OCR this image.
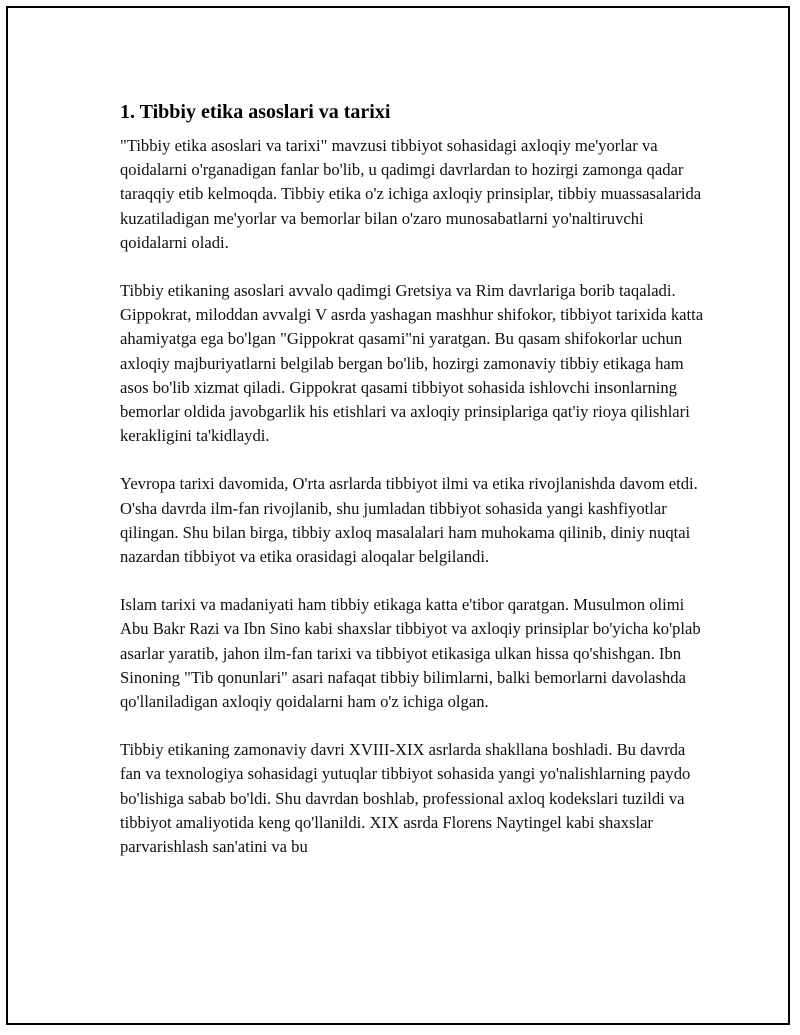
1. Tibbiy etika asoslari va tarixi

"Tibbiy etika asoslari va tarixi" mavzusi tibbiyot sohasidagi axloqiy me'yorlar va qoidalarni o'rganadigan fanlar bo'lib, u qadimgi davrlardan to hozirgi zamonga qadar taraqqiy etib kelmoqda. Tibbiy etika o'z ichiga axloqiy prinsiplar, tibbiy muassasalarida kuzatiladigan me'yorlar va bemorlar bilan o'zaro munosabatlarni yo'naltiruvchi qoidalarni oladi.

Tibbiy etikaning asoslari avvalo qadimgi Gretsiya va Rim davrlariga borib taqaladi. Gippokrat, miloddan avvalgi V asrda yashagan mashhur shifokor, tibbiyot tarixida katta ahamiyatga ega bo'lgan "Gippokrat qasami"ni yaratgan. Bu qasam shifokorlar uchun axloqiy majburiyatlarni belgilab bergan bo'lib, hozirgi zamonaviy tibbiy etikaga ham asos bo'lib xizmat qiladi. Gippokrat qasami tibbiyot sohasida ishlovchi insonlarning bemorlar oldida javobgarlik his etishlari va axloqiy prinsiplariga qat'iy rioya qilishlari kerakligini ta'kidlaydi.

Yevropa tarixi davomida, O'rta asrlarda tibbiyot ilmi va etika rivojlanishda davom etdi. O'sha davrda ilm-fan rivojlanib, shu jumladan tibbiyot sohasida yangi kashfiyotlar qilingan. Shu bilan birga, tibbiy axloq masalalari ham muhokama qilinib, diniy nuqtai nazardan tibbiyot va etika orasidagi aloqalar belgilandi.

Islam tarixi va madaniyati ham tibbiy etikaga katta e'tibor qaratgan. Musulmon olimi Abu Bakr Razi va Ibn Sino kabi shaxslar tibbiyot va axloqiy prinsiplar bo'yicha ko'plab asarlar yaratib, jahon ilm-fan tarixi va tibbiyot etikasiga ulkan hissa qo'shishgan. Ibn Sinoning "Tib qonunlari" asari nafaqat tibbiy bilimlarni, balki bemorlarni davolashda qo'llaniladigan axloqiy qoidalarni ham o'z ichiga olgan.

Tibbiy etikaning zamonaviy davri XVIII-XIX asrlarda shakllana boshladi. Bu davrda fan va texnologiya sohasidagi yutuqlar tibbiyot sohasida yangi yo'nalishlarning paydo bo'lishiga sabab bo'ldi. Shu davrdan boshlab, professional axloq kodekslari tuzildi va tibbiyot amaliyotida keng qo'llanildi. XIX asrda Florens Naytingel kabi shaxslar parvarishlash san'atini va bu
